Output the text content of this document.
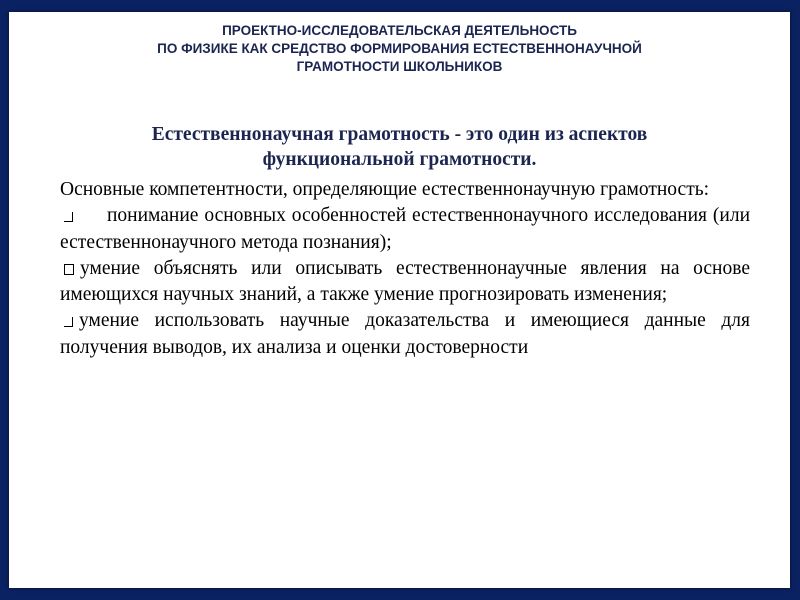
ПРОЕКТНО-ИССЛЕДОВАТЕЛЬСКАЯ ДЕЯТЕЛЬНОСТЬ
ПО ФИЗИКЕ КАК СРЕДСТВО ФОРМИРОВАНИЯ ЕСТЕСТВЕННОНАУЧНОЙ
ГРАМОТНОСТИ ШКОЛЬНИКОВ
Естественнонаучная грамотность - это один из аспектов
функциональной грамотности.

Основные компетентности, определяющие естественнонаучную грамотность:

понимание основных особенностей естественнонаучного исследования (или естественнонаучного метода познания);

умение объяснять или описывать естественнонаучные явления на основе имеющихся научных знаний, а также умение прогнозировать изменения;

умение использовать научные доказательства и имеющиеся данные для получения выводов, их анализа и оценки достоверности
